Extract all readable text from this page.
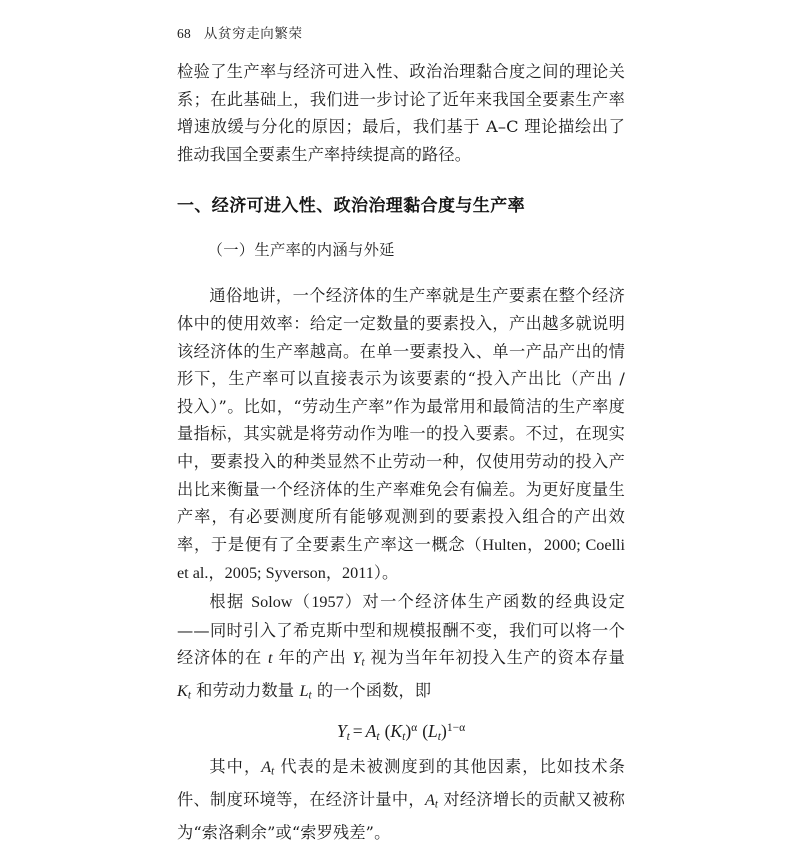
68 从贫穷走向繁荣

检验了生产率与经济可进入性、政治治理黏合度之间的理论关系；在此基础上，我们进一步讨论了近年来我国全要素生产率增速放缓与分化的原因；最后，我们基于 A–C 理论描绘出了推动我国全要素生产率持续提高的路径。

一、经济可进入性、政治治理黏合度与生产率
（一）生产率的内涵与外延

通俗地讲，一个经济体的生产率就是生产要素在整个经济体中的使用效率：给定一定数量的要素投入，产出越多就说明该经济体的生产率越高。在单一要素投入、单一产品产出的情形下，生产率可以直接表示为该要素的“投入产出比（产出 / 投入）”。比如，“劳动生产率”作为最常用和最简洁的生产率度量指标，其实就是将劳动作为唯一的投入要素。不过，在现实中，要素投入的种类显然不止劳动一种，仅使用劳动的投入产出比来衡量一个经济体的生产率难免会有偏差。为更好度量生产率，有必要测度所有能够观测到的要素投入组合的产出效率，于是便有了全要素生产率这一概念（Hulten，2000; Coelli et al.，2005; Syverson，2011）。

根据 Solow（1957）对一个经济体生产函数的经典设定 ——同时引入了希克斯中型和规模报酬不变，我们可以将一个经济体的在 t 年的产出 $Y_t$ 视为当年年初投入生产的资本存量 $K_t$ 和劳动力数量 $L_t$ 的一个函数，即

$Y_t = A_t$ $(K_t)^\alpha$ $(L_t)^{1-\alpha}$

其中，$A_t$ 代表的是未被测度到的其他因素，比如技术条件、制度环境等，在经济计量中，$A_t$ 对经济增长的贡献又被称为“索洛剩余”或“索罗残差”。
